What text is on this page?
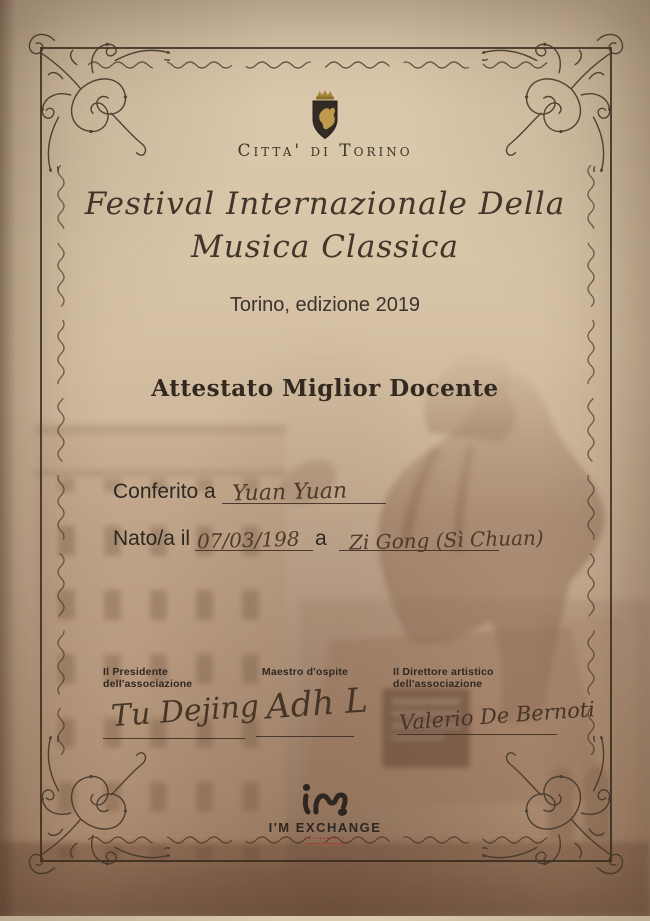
Citta' di Torino
Festival Internazionale Della
Musica Classica
Torino, edizione 2019
Attestato Miglior Docente
Conferito a Yuan Yuan
Nato/a il 07/03/198 a Zi Gong (Sì Chuan)
Il Presidente dell'associazione
Tu Dejing
Maestro d'ospite
Adh L
Il Direttore artistico dell'associazione
Valerio De Bernoti
I'M EXCHANGE
▪▪▪▪▪▪▪▪▪▪▪
